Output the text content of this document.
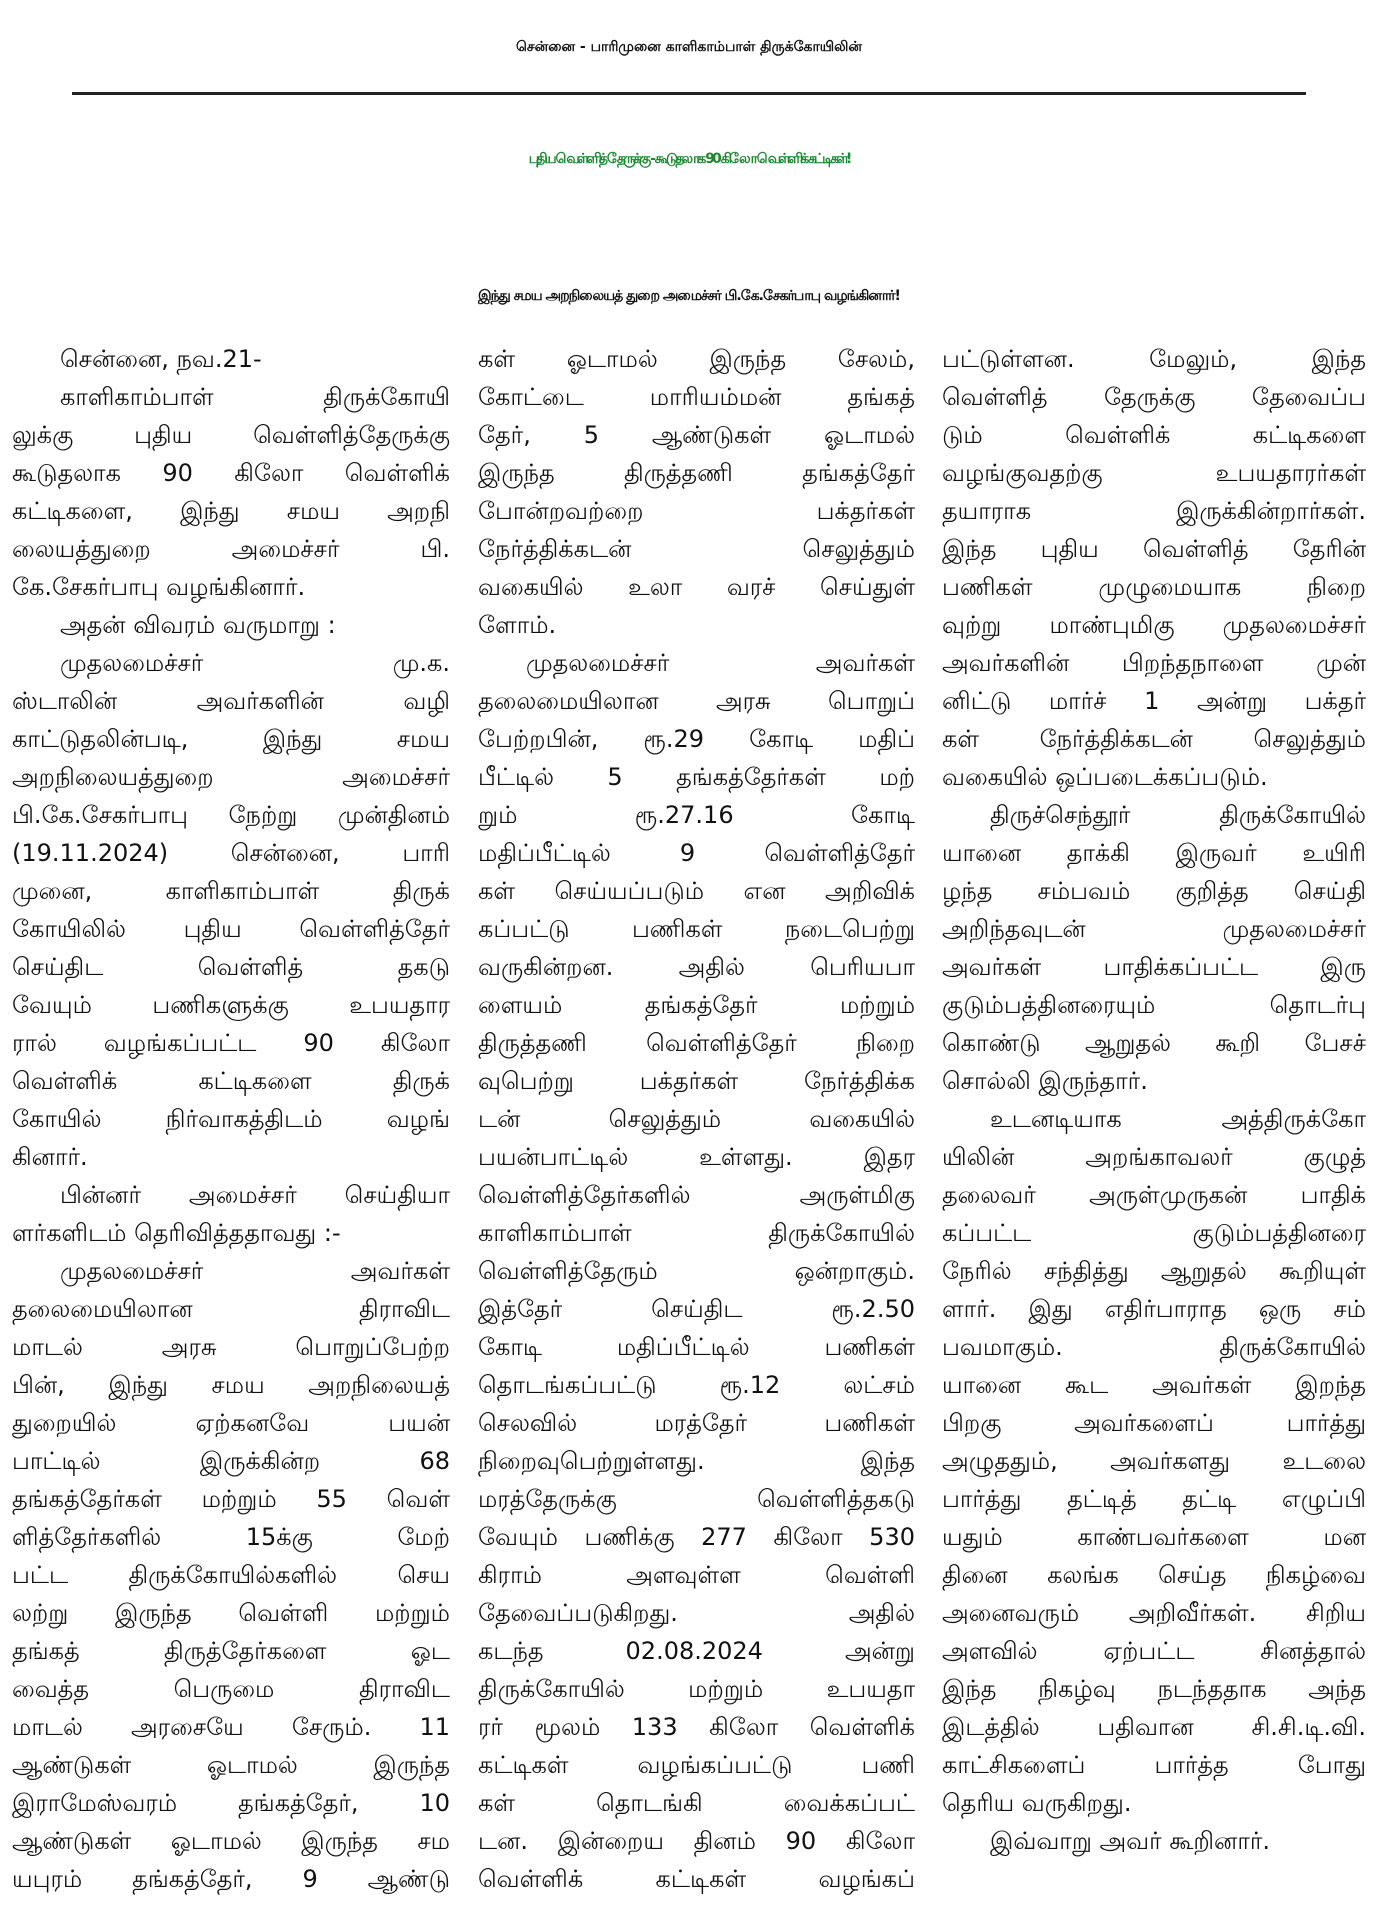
சென்னை - பாரிமுனை காளிகாம்பாள் திருக்கோயிலின்
புதிய வெள்ளித் தேருக்கு - கூடுதலாக 90 கிலோ வெள்ளிக் கட்டிகள்!
இந்து சமய அறநிலையத் துறை அமைச்சர் பி.கே.சேகர்பாபு வழங்கினார்!
சென்னை, நவ.21-
காளிகாம்பாள் திருக்கோயி
லுக்கு புதிய வெள்ளித்தேருக்கு
கூடுதலாக 90 கிலோ வெள்ளிக்
கட்டிகளை, இந்து சமய அறநி
லையத்துறை அமைச்சர் பி.
கே.சேகர்பாபு வழங்கினார்.
அதன் விவரம் வருமாறு :
முதலமைச்சர் மு.க.
ஸ்டாலின் அவர்களின் வழி
காட்டுதலின்படி, இந்து சமய
அறநிலையத்துறை அமைச்சர்
பி.கே.சேகர்பாபு நேற்று முன்தினம்
(19.11.2024) சென்னை, பாரி
முனை, காளிகாம்பாள் திருக்
கோயிலில் புதிய வெள்ளித்தேர்
செய்திட வெள்ளித் தகடு
வேயும் பணிகளுக்கு உபயதார
ரால் வழங்கப்பட்ட 90 கிலோ
வெள்ளிக் கட்டிகளை திருக்
கோயில் நிர்வாகத்திடம் வழங்
கினார்.
பின்னர் அமைச்சர் செய்தியா
ளர்களிடம் தெரிவித்ததாவது :-
முதலமைச்சர் அவர்கள்
தலைமையிலான திராவிட
மாடல் அரசு பொறுப்பேற்ற
பின், இந்து சமய அறநிலையத்
துறையில் ஏற்கனவே பயன்
பாட்டில் இருக்கின்ற 68
தங்கத்தேர்கள் மற்றும் 55 வெள்
ளித்தேர்களில் 15க்கு மேற்
பட்ட திருக்கோயில்களில் செய
லற்று இருந்த வெள்ளி மற்றும்
தங்கத் திருத்தேர்களை ஓட
வைத்த பெருமை திராவிட
மாடல் அரசையே சேரும். 11
ஆண்டுகள் ஓடாமல் இருந்த
இராமேஸ்வரம் தங்கத்தேர், 10
ஆண்டுகள் ஓடாமல் இருந்த சம
யபுரம் தங்கத்தேர், 9 ஆண்டு
கள் ஓடாமல் இருந்த சேலம்,
கோட்டை மாரியம்மன் தங்கத்
தேர், 5 ஆண்டுகள் ஓடாமல்
இருந்த திருத்தணி தங்கத்தேர்
போன்றவற்றை பக்தர்கள்
நேர்த்திக்கடன் செலுத்தும்
வகையில் உலா வரச் செய்துள்
ளோம்.
முதலமைச்சர் அவர்கள்
தலைமையிலான அரசு பொறுப்
பேற்றபின், ரூ.29 கோடி மதிப்
பீட்டில் 5 தங்கத்தேர்கள் மற்
றும் ரூ.27.16 கோடி
மதிப்பீட்டில் 9 வெள்ளித்தேர்
கள் செய்யப்படும் என அறிவிக்
கப்பட்டு பணிகள் நடைபெற்று
வருகின்றன. அதில் பெரியபா
ளையம் தங்கத்தேர் மற்றும்
திருத்தணி வெள்ளித்தேர் நிறை
வுபெற்று பக்தர்கள் நேர்த்திக்க
டன் செலுத்தும் வகையில்
பயன்பாட்டில் உள்ளது. இதர
வெள்ளித்தேர்களில் அருள்மிகு
காளிகாம்பாள் திருக்கோயில்
வெள்ளித்தேரும் ஒன்றாகும்.
இத்தேர் செய்திட ரூ.2.50
கோடி மதிப்பீட்டில் பணிகள்
தொடங்கப்பட்டு ரூ.12 லட்சம்
செலவில் மரத்தேர் பணிகள்
நிறைவுபெற்றுள்ளது. இந்த
மரத்தேருக்கு வெள்ளித்தகடு
வேயும் பணிக்கு 277 கிலோ 530
கிராம் அளவுள்ள வெள்ளி
தேவைப்படுகிறது. அதில்
கடந்த 02.08.2024 அன்று
திருக்கோயில் மற்றும் உபயதா
ரர் மூலம் 133 கிலோ வெள்ளிக்
கட்டிகள் வழங்கப்பட்டு பணி
கள் தொடங்கி வைக்கப்பட்
டன. இன்றைய தினம் 90 கிலோ
வெள்ளிக் கட்டிகள் வழங்கப்
பட்டுள்ளன. மேலும், இந்த
வெள்ளித் தேருக்கு தேவைப்ப
டும் வெள்ளிக் கட்டிகளை
வழங்குவதற்கு உபயதாரர்கள்
தயாராக இருக்கின்றார்கள்.
இந்த புதிய வெள்ளித் தேரின்
பணிகள் முழுமையாக நிறை
வுற்று மாண்புமிகு முதலமைச்சர்
அவர்களின் பிறந்தநாளை முன்
னிட்டு மார்ச் 1 அன்று பக்தர்
கள் நேர்த்திக்கடன் செலுத்தும்
வகையில் ஒப்படைக்கப்படும்.
திருச்செந்தூர் திருக்கோயில்
யானை தாக்கி இருவர் உயிரி
ழந்த சம்பவம் குறித்த செய்தி
அறிந்தவுடன் முதலமைச்சர்
அவர்கள் பாதிக்கப்பட்ட இரு
குடும்பத்தினரையும் தொடர்பு
கொண்டு ஆறுதல் கூறி பேசச்
சொல்லி இருந்தார்.
உடனடியாக அத்திருக்கோ
யிலின் அறங்காவலர் குழுத்
தலைவர் அருள்முருகன் பாதிக்
கப்பட்ட குடும்பத்தினரை
நேரில் சந்தித்து ஆறுதல் கூறியுள்
ளார். இது எதிர்பாராத ஒரு சம்
பவமாகும். திருக்கோயில்
யானை கூட அவர்கள் இறந்த
பிறகு அவர்களைப் பார்த்து
அழுததும், அவர்களது உடலை
பார்த்து தட்டித் தட்டி எழுப்பி
யதும் காண்பவர்களை மன
தினை கலங்க செய்த நிகழ்வை
அனைவரும் அறிவீர்கள். சிறிய
அளவில் ஏற்பட்ட சினத்தால்
இந்த நிகழ்வு நடந்ததாக அந்த
இடத்தில் பதிவான சி.சி.டி.வி.
காட்சிகளைப் பார்த்த போது
தெரிய வருகிறது.
இவ்வாறு அவர் கூறினார்.
